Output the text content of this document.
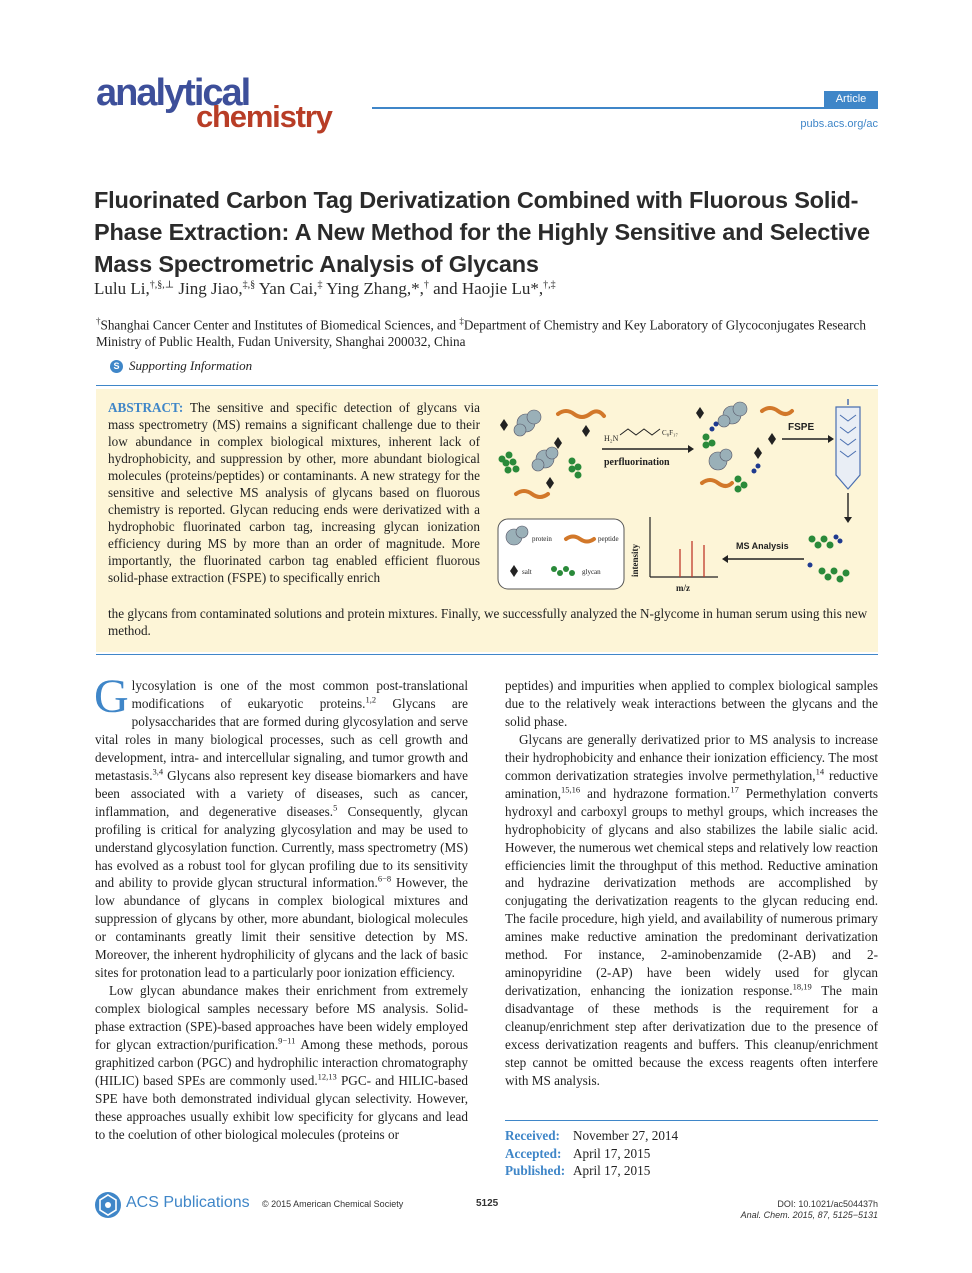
analytical
chemistry	Article
pubs.acs.org/ac
Fluorinated Carbon Tag Derivatization Combined with Fluorous Solid-Phase Extraction: A New Method for the Highly Sensitive and Selective Mass Spectrometric Analysis of Glycans
Lulu Li,†,§,⊥ Jing Jiao,‡,§ Yan Cai,‡ Ying Zhang,*,† and Haojie Lu*,†,‡
†Shanghai Cancer Center and Institutes of Biomedical Sciences, and ‡Department of Chemistry and Key Laboratory of Glycoconjugates Research Ministry of Public Health, Fudan University, Shanghai 200032, China
S Supporting Information
ABSTRACT: The sensitive and specific detection of glycans via mass spectrometry (MS) remains a significant challenge due to their low abundance in complex biological mixtures, inherent lack of hydrophobicity, and suppression by other, more abundant biological molecules (proteins/peptides) or contaminants. A new strategy for the sensitive and selective MS analysis of glycans based on fluorous chemistry is reported. Glycan reducing ends were derivatized with a hydrophobic fluorinated carbon tag, increasing glycan ionization efficiency during MS by more than an order of magnitude. More importantly, the fluorinated carbon tag enabled efficient fluorous solid-phase extraction (FSPE) to specifically enrich
the glycans from contaminated solutions and protein mixtures. Finally, we successfully analyzed the N-glycome in human serum using this new method.
H₂N
C₈F₁₇
perfluorination
FSPE
MS Analysis
intensity
m/z
protein	peptide
salt	glycan

Glycosylation is one of the most common post-translational modifications of eukaryotic proteins.$^{1,2}$ Glycans are polysaccharides that are formed during glycosylation and serve vital roles in many biological processes, such as cell growth and development, intra- and intercellular signaling, and tumor growth and metastasis.$^{3,4}$ Glycans also represent key disease biomarkers and have been associated with a variety of diseases, such as cancer, inflammation, and degenerative diseases.$^5$ Consequently, glycan profiling is critical for analyzing glycosylation and may be used to understand glycosylation function. Currently, mass spectrometry (MS) has evolved as a robust tool for glycan profiling due to its sensitivity and ability to provide glycan structural information.$^{6-8}$ However, the low abundance of glycans in complex biological mixtures and suppression of glycans by other, more abundant, biological molecules or contaminants greatly limit their sensitive detection by MS. Moreover, the inherent hydrophilicity of glycans and the lack of basic sites for protonation lead to a particularly poor ionization efficiency.

Low glycan abundance makes their enrichment from extremely complex biological samples necessary before MS analysis. Solid-phase extraction (SPE)-based approaches have been widely employed for glycan extraction/purification.$^{9-11}$ Among these methods, porous graphitized carbon (PGC) and hydrophilic interaction chromatography (HILIC) based SPEs are commonly used.$^{12,13}$ PGC- and HILIC-based SPE have both demonstrated individual glycan selectivity. However, these approaches usually exhibit low specificity for glycans and lead to the coelution of other biological molecules (proteins or

peptides) and impurities when applied to complex biological samples due to the relatively weak interactions between the glycans and the solid phase.

Glycans are generally derivatized prior to MS analysis to increase their hydrophobicity and enhance their ionization efficiency. The most common derivatization strategies involve permethylation,$^{14}$ reductive amination,$^{15,16}$ and hydrazone formation.$^{17}$ Permethylation converts hydroxyl and carboxyl groups to methyl groups, which increases the hydrophobicity of glycans and also stabilizes the labile sialic acid. However, the numerous wet chemical steps and relatively low reaction efficiencies limit the throughput of this method. Reductive amination and hydrazine derivatization methods are accomplished by conjugating the derivatization reagents to the glycan reducing end. The facile procedure, high yield, and availability of numerous primary amines make reductive amination the predominant derivatization method. For instance, 2-aminobenzamide (2-AB) and 2-aminopyridine (2-AP) have been widely used for glycan derivatization, enhancing the ionization response.$^{18,19}$ The main disadvantage of these methods is the requirement for a cleanup/enrichment step after derivatization due to the presence of excess derivatization reagents and buffers. This cleanup/enrichment step cannot be omitted because the excess reagents often interfere with MS analysis.

Received: November 27, 2014
Accepted: April 17, 2015
Published: April 17, 2015
ACS Publications © 2015 American Chemical Society	5125	DOI: 10.1021/ac504437h
Anal. Chem. 2015, 87, 5125−5131
